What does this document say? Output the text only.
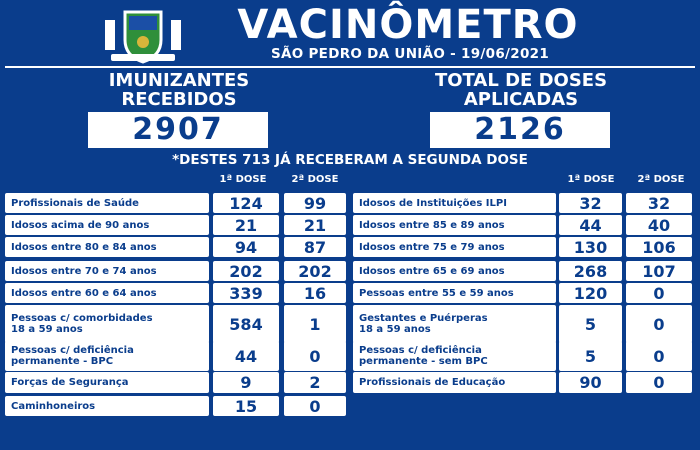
VACINÔMETRO
SÃO PEDRO DA UNIÃO - 19/06/2021
IMUNIZANTES
RECEBIDOS
2907
TOTAL DE DOSES
APLICADAS
2126
*DESTES 713 JÁ RECEBERAM A SEGUNDA DOSE
1ª DOSE	2ª DOSE	1ª DOSE	2ª DOSE
Profissionais de Saúde	124	99
Idosos acima de 90 anos	21	21
Idosos entre 80 e 84 anos	94	87
Idosos entre 70 e 74 anos	202	202
Idosos entre 60 e 64 anos	339	16
Pessoas c/ comorbidades
18 a 59 anos	584	1
Pessoas c/ deficiência
permanente - BPC	44	0
Forças de Segurança	9	2
Caminhoneiros	15	0
Idosos de Instituições ILPI	32	32
Idosos entre 85 e 89 anos	44	40
Idosos entre 75 e 79 anos	130	106
Idosos entre 65 e 69 anos	268	107
Pessoas entre 55 e 59 anos	120	0
Gestantes e Puérperas
18 a 59 anos	5	0
Pessoas c/ deficiência
permanente - sem BPC	5	0
Profissionais de Educação	90	0
